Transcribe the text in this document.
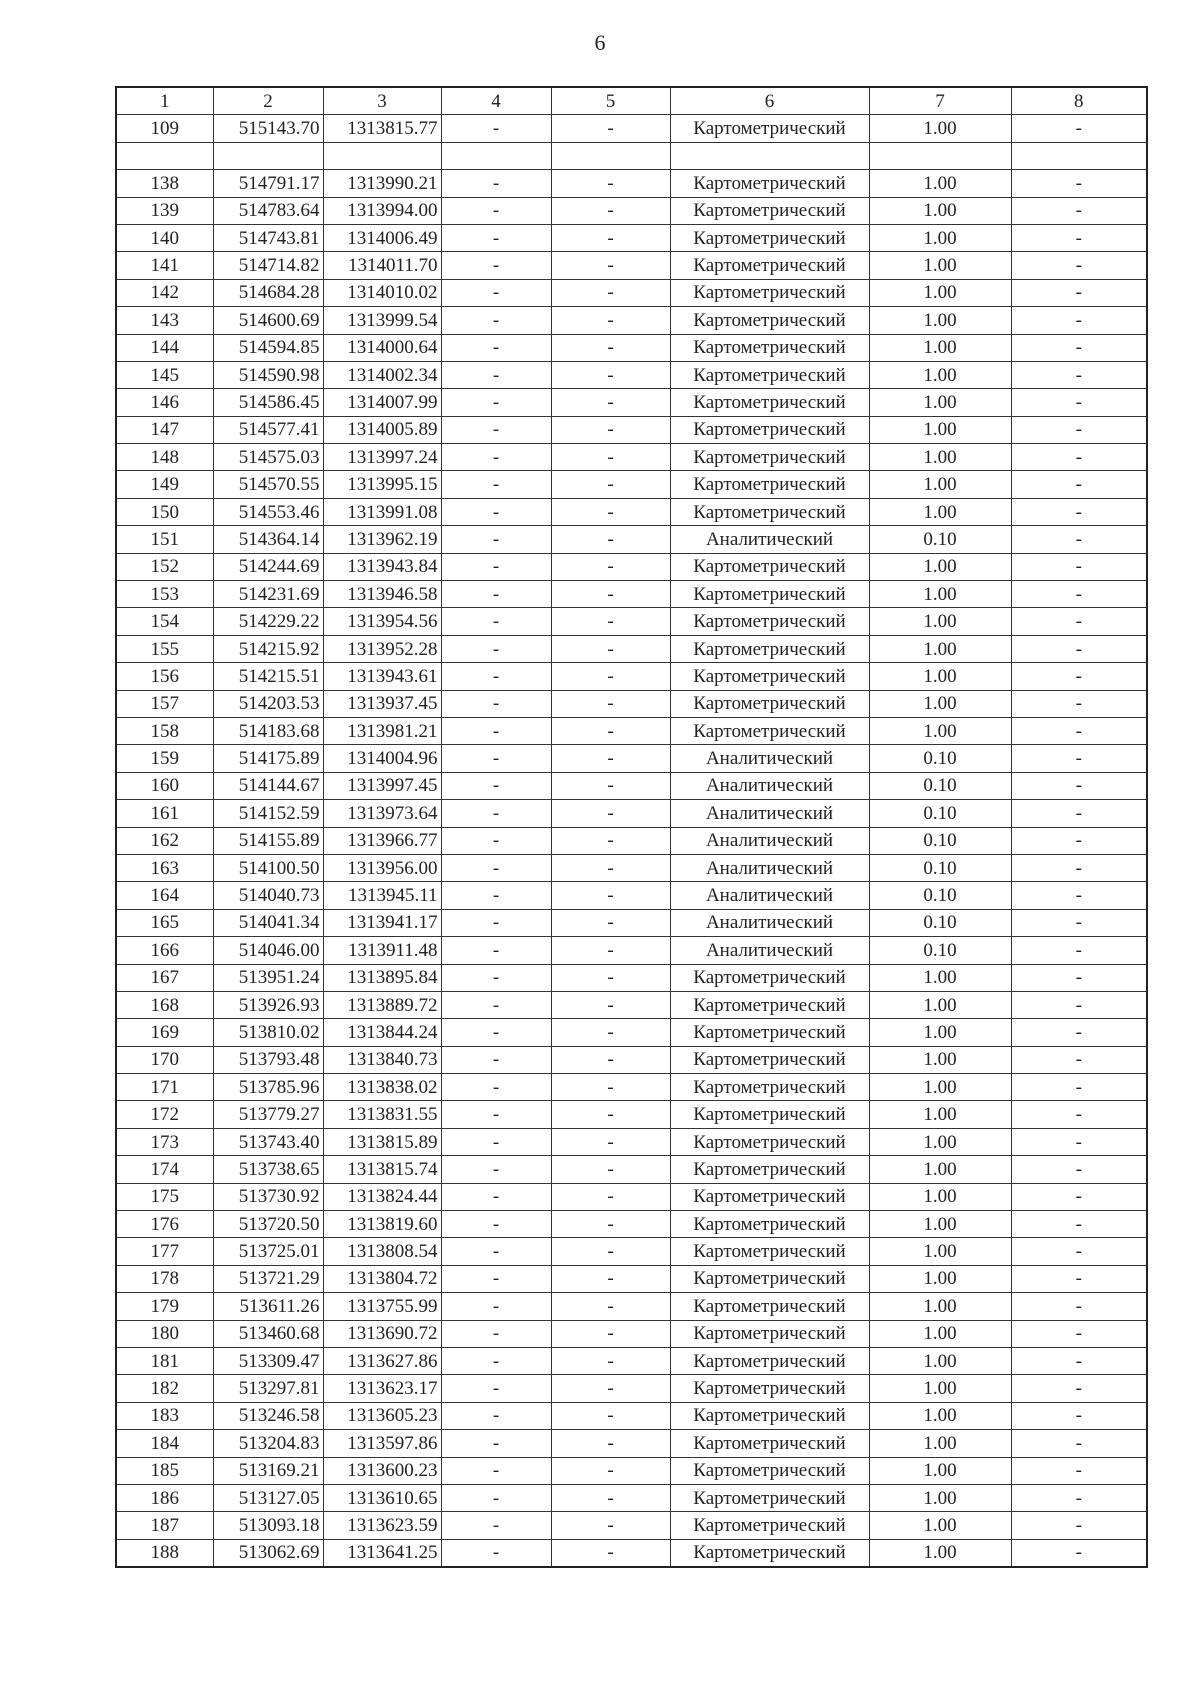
6
1	2	3	4	5	6	7	8
109	515143.70	1313815.77	-	-	Картометрический	1.00	-

138	514791.17	1313990.21	-	-	Картометрический	1.00	-
139	514783.64	1313994.00	-	-	Картометрический	1.00	-
140	514743.81	1314006.49	-	-	Картометрический	1.00	-
141	514714.82	1314011.70	-	-	Картометрический	1.00	-
142	514684.28	1314010.02	-	-	Картометрический	1.00	-
143	514600.69	1313999.54	-	-	Картометрический	1.00	-
144	514594.85	1314000.64	-	-	Картометрический	1.00	-
145	514590.98	1314002.34	-	-	Картометрический	1.00	-
146	514586.45	1314007.99	-	-	Картометрический	1.00	-
147	514577.41	1314005.89	-	-	Картометрический	1.00	-
148	514575.03	1313997.24	-	-	Картометрический	1.00	-
149	514570.55	1313995.15	-	-	Картометрический	1.00	-
150	514553.46	1313991.08	-	-	Картометрический	1.00	-
151	514364.14	1313962.19	-	-	Аналитический	0.10	-
152	514244.69	1313943.84	-	-	Картометрический	1.00	-
153	514231.69	1313946.58	-	-	Картометрический	1.00	-
154	514229.22	1313954.56	-	-	Картометрический	1.00	-
155	514215.92	1313952.28	-	-	Картометрический	1.00	-
156	514215.51	1313943.61	-	-	Картометрический	1.00	-
157	514203.53	1313937.45	-	-	Картометрический	1.00	-
158	514183.68	1313981.21	-	-	Картометрический	1.00	-
159	514175.89	1314004.96	-	-	Аналитический	0.10	-
160	514144.67	1313997.45	-	-	Аналитический	0.10	-
161	514152.59	1313973.64	-	-	Аналитический	0.10	-
162	514155.89	1313966.77	-	-	Аналитический	0.10	-
163	514100.50	1313956.00	-	-	Аналитический	0.10	-
164	514040.73	1313945.11	-	-	Аналитический	0.10	-
165	514041.34	1313941.17	-	-	Аналитический	0.10	-
166	514046.00	1313911.48	-	-	Аналитический	0.10	-
167	513951.24	1313895.84	-	-	Картометрический	1.00	-
168	513926.93	1313889.72	-	-	Картометрический	1.00	-
169	513810.02	1313844.24	-	-	Картометрический	1.00	-
170	513793.48	1313840.73	-	-	Картометрический	1.00	-
171	513785.96	1313838.02	-	-	Картометрический	1.00	-
172	513779.27	1313831.55	-	-	Картометрический	1.00	-
173	513743.40	1313815.89	-	-	Картометрический	1.00	-
174	513738.65	1313815.74	-	-	Картометрический	1.00	-
175	513730.92	1313824.44	-	-	Картометрический	1.00	-
176	513720.50	1313819.60	-	-	Картометрический	1.00	-
177	513725.01	1313808.54	-	-	Картометрический	1.00	-
178	513721.29	1313804.72	-	-	Картометрический	1.00	-
179	513611.26	1313755.99	-	-	Картометрический	1.00	-
180	513460.68	1313690.72	-	-	Картометрический	1.00	-
181	513309.47	1313627.86	-	-	Картометрический	1.00	-
182	513297.81	1313623.17	-	-	Картометрический	1.00	-
183	513246.58	1313605.23	-	-	Картометрический	1.00	-
184	513204.83	1313597.86	-	-	Картометрический	1.00	-
185	513169.21	1313600.23	-	-	Картометрический	1.00	-
186	513127.05	1313610.65	-	-	Картометрический	1.00	-
187	513093.18	1313623.59	-	-	Картометрический	1.00	-
188	513062.69	1313641.25	-	-	Картометрический	1.00	-
